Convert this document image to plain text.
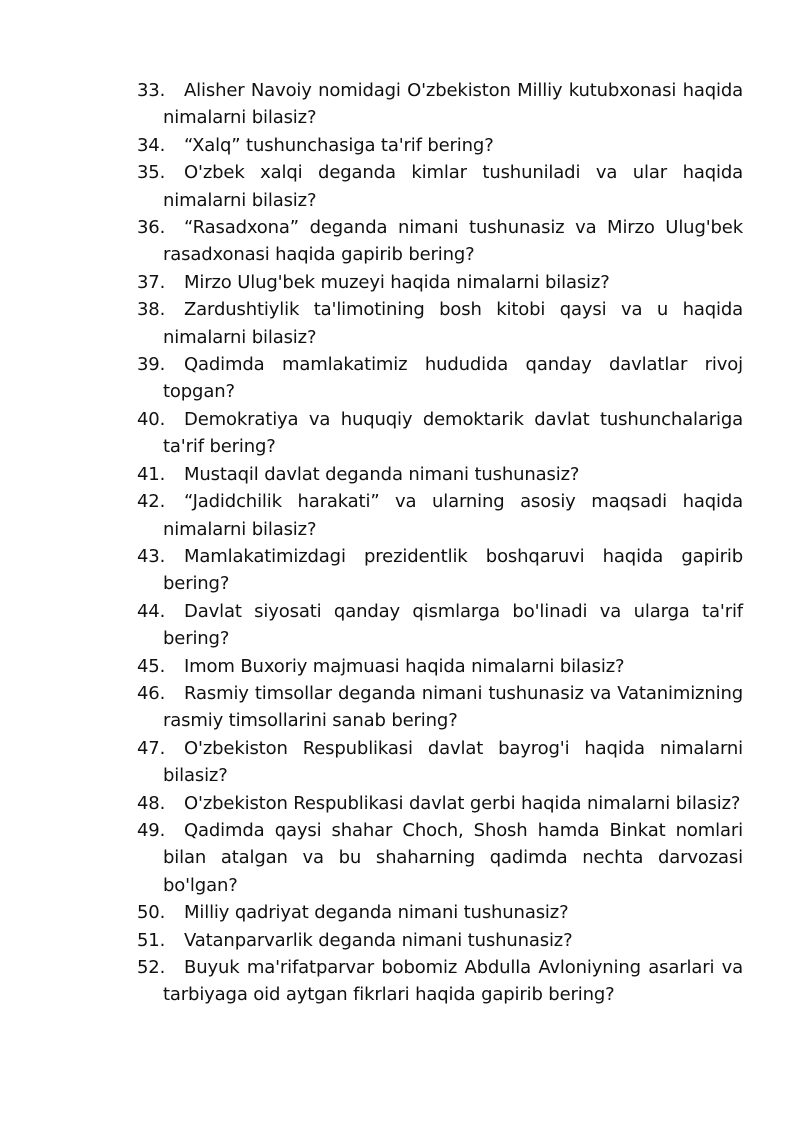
33. Alisher Navoiy nomidagi O'zbekiston Milliy kutubxonasi haqida nimalarni bilasiz?
34. “Xalq” tushunchasiga ta'rif bering?
35. O'zbek xalqi deganda kimlar tushuniladi va ular haqida nimalarni bilasiz?
36. “Rasadxona” deganda nimani tushunasiz va Mirzo Ulug'bek rasadxonasi haqida gapirib bering?
37. Mirzo Ulug'bek muzeyi haqida nimalarni bilasiz?
38. Zardushtiylik ta'limotining bosh kitobi qaysi va u haqida nimalarni bilasiz?
39. Qadimda mamlakatimiz hududida qanday davlatlar rivoj topgan?
40. Demokratiya va huquqiy demoktarik davlat tushunchalariga ta'rif bering?
41. Mustaqil davlat deganda nimani tushunasiz?
42. “Jadidchilik harakati” va ularning asosiy maqsadi haqida nimalarni bilasiz?
43. Mamlakatimizdagi prezidentlik boshqaruvi haqida gapirib bering?
44. Davlat siyosati qanday qismlarga bo'linadi va ularga ta'rif bering?
45. Imom Buxoriy majmuasi haqida nimalarni bilasiz?
46. Rasmiy timsollar deganda nimani tushunasiz va Vatanimizning rasmiy timsollarini sanab bering?
47. O'zbekiston Respublikasi davlat bayrog'i haqida nimalarni bilasiz?
48. O'zbekiston Respublikasi davlat gerbi haqida nimalarni bilasiz?
49. Qadimda qaysi shahar Choch, Shosh hamda Binkat nomlari bilan atalgan va bu shaharning qadimda nechta darvozasi bo'lgan?
50. Milliy qadriyat deganda nimani tushunasiz?
51. Vatanparvarlik deganda nimani tushunasiz?
52. Buyuk ma'rifatparvar bobomiz Abdulla Avloniyning asarlari va tarbiyaga oid aytgan fikrlari haqida gapirib bering?
